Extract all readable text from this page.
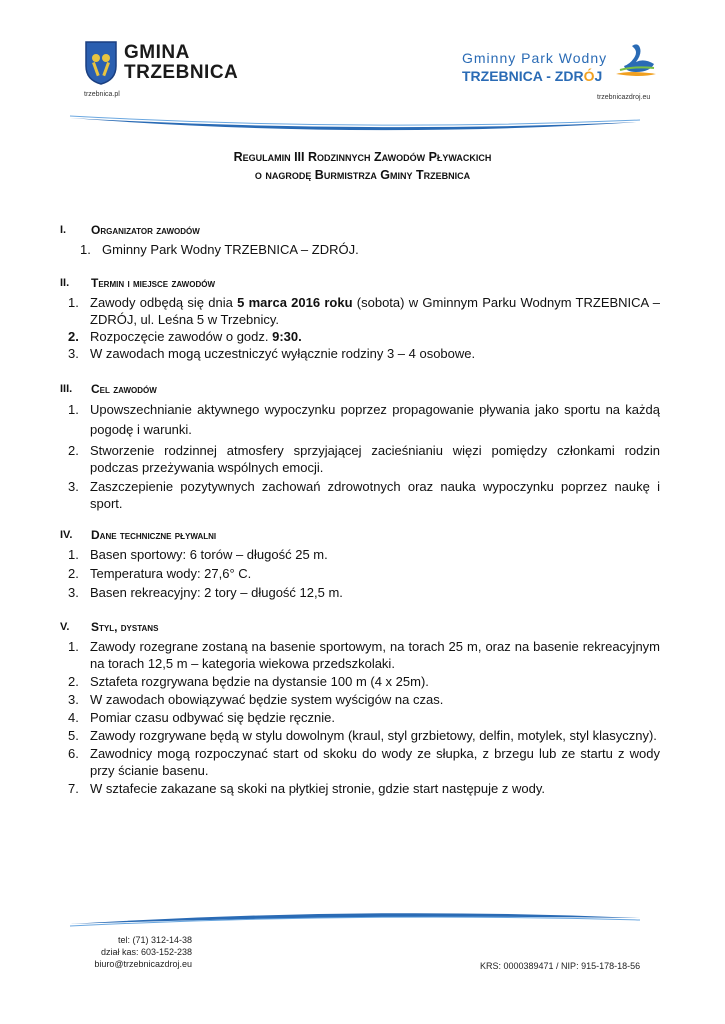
GMINA
TRZEBNICA
trzebnica.pl
Gminny Park Wodny
TRZEBNICA - ZDRÓJ
trzebnicazdroj.eu
Regulamin III Rodzinnych Zawodów Pływackich
o nagrodę Burmistrza Gminy Trzebnica
I.	Organizator zawodów
1. Gminny Park Wodny TRZEBNICA – ZDRÓJ.
II.	Termin i miejsce zawodów
1. Zawody odbędą się dnia 5 marca 2016 roku (sobota) w Gminnym Parku Wodnym TRZEBNICA – ZDRÓJ, ul. Leśna 5 w Trzebnicy.
2. Rozpoczęcie zawodów o godz. 9:30.
3. W zawodach mogą uczestniczyć wyłącznie rodziny 3 – 4 osobowe.
III.	Cel zawodów
1. Upowszechnianie aktywnego wypoczynku poprzez propagowanie pływania jako sportu na każdą pogodę i warunki.
2. Stworzenie rodzinnej atmosfery sprzyjającej zacieśnianiu więzi pomiędzy członkami rodzin podczas przeżywania wspólnych emocji.
3. Zaszczepienie pozytywnych zachowań zdrowotnych oraz nauka wypoczynku poprzez naukę i sport.
IV.	Dane techniczne pływalni
1. Basen sportowy: 6 torów – długość 25 m.
2. Temperatura wody: 27,6° C.
3. Basen rekreacyjny: 2 tory – długość 12,5 m.
V.	Styl, dystans
1. Zawody rozegrane zostaną na basenie sportowym, na torach 25 m, oraz na basenie rekreacyjnym na torach 12,5 m – kategoria wiekowa przedszkolaki.
2. Sztafeta rozgrywana będzie na dystansie 100 m (4 x 25m).
3. W zawodach obowiązywać będzie system wyścigów na czas.
4. Pomiar czasu odbywać się będzie ręcznie.
5. Zawody rozgrywane będą w stylu dowolnym (kraul, styl grzbietowy, delfin, motylek, styl klasyczny).
6. Zawodnicy mogą rozpoczynać start od skoku do wody ze słupka, z brzegu lub ze startu z wody przy ścianie basenu.
7. W sztafecie zakazane są skoki na płytkiej stronie, gdzie start następuje z wody.
tel: (71) 312-14-38
dział kas: 603-152-238
biuro@trzebnicazdroj.eu	KRS: 0000389471 / NIP: 915-178-18-56
